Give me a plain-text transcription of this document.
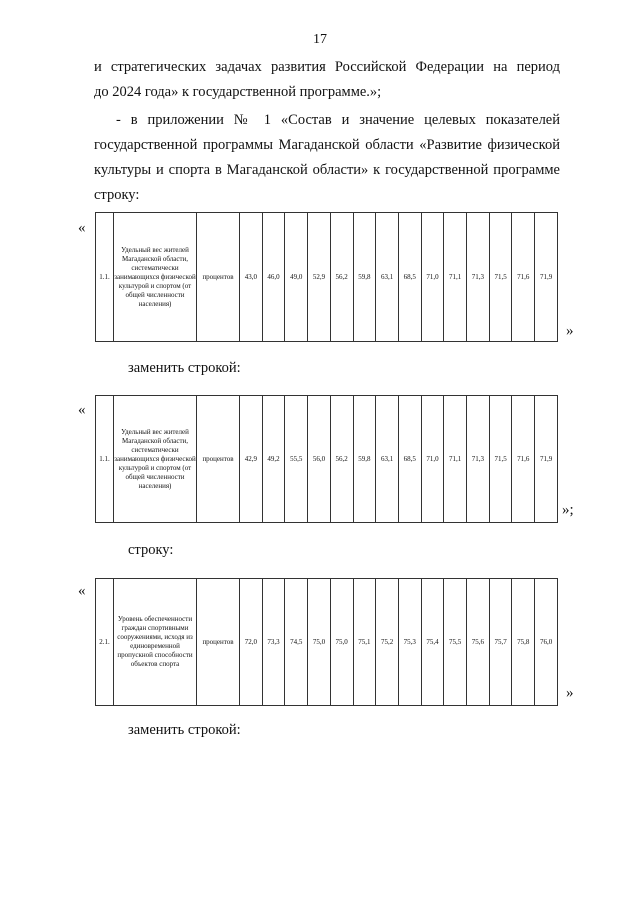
17
и стратегических задачах развития Российской Федерации на период
до 2024 года» к государственной программе.»;
- в приложении № 1 «Состав и значение целевых показателей
государственной программы Магаданской области «Развитие физической
культуры и спорта в Магаданской области» к государственной программе
строку:
«
1.1.	Удельный вес жителей Магаданской области, систематически занимающихся физической культурой и спортом (от общей численности населения)	процентов	43,0	46,0	49,0	52,9	56,2	59,8	63,1	68,5	71,0	71,1	71,3	71,5	71,6	71,9
»
заменить строкой:
«
1.1.	Удельный вес жителей Магаданской области, систематически занимающихся физической культурой и спортом (от общей численности населения)	процентов	42,9	49,2	55,5	56,0	56,2	59,8	63,1	68,5	71,0	71,1	71,3	71,5	71,6	71,9
»;
строку:
«
2.1.	Уровень обеспеченности граждан спортивными сооружениями, исходя из единовременной пропускной способности объектов спорта	процентов	72,0	73,3	74,5	75,0	75,0	75,1	75,2	75,3	75,4	75,5	75,6	75,7	75,8	76,0
»
заменить строкой:
